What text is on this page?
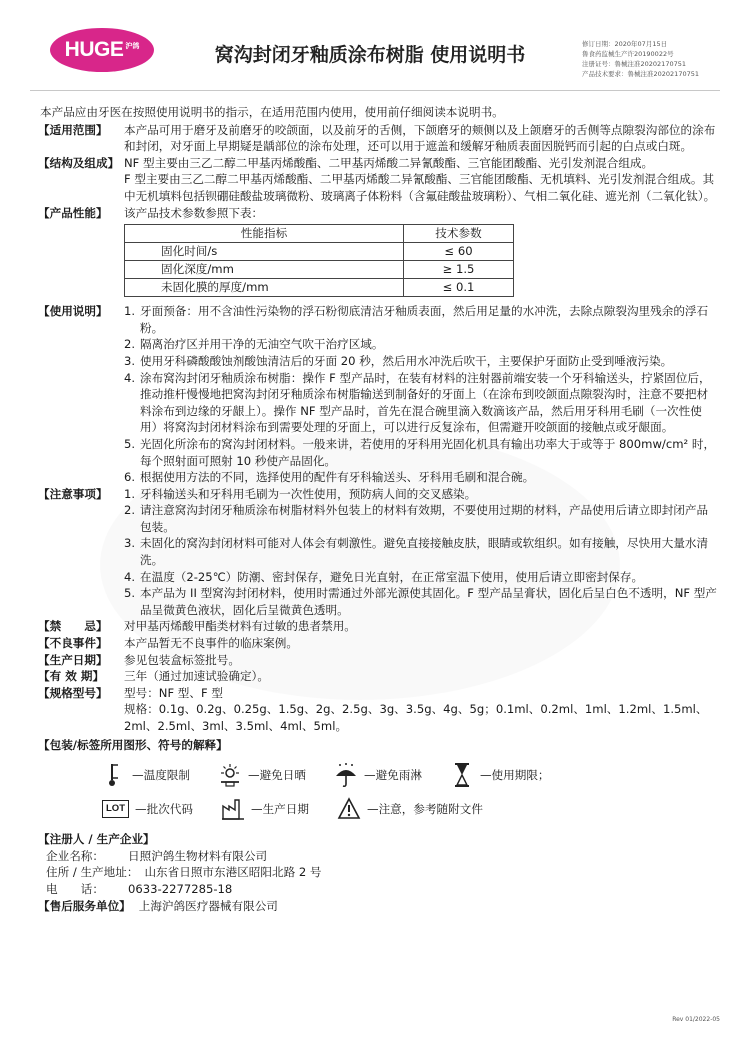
HUGE 沪鸽	窝沟封闭牙釉质涂布树脂 使用说明书	修订日期：2020年07月15日
鲁食药监械生产许20190022号
注册证号：鲁械注准20202170751
产品技术要求：鲁械注准20202170751

本产品应由牙医在按照使用说明书的指示，在适用范围内使用，使用前仔细阅读本说明书。

【适用范围】	本产品可用于磨牙及前磨牙的咬颌面，以及前牙的舌侧，下颌磨牙的颊侧以及上颌磨牙的舌侧等点隙裂沟部位的涂布和封闭，对牙面上早期疑是龋部位的涂布处理，还可以用于遮盖和缓解牙釉质表面因脱钙而引起的白点或白斑。

【结构及组成】 NF 型主要由三乙二醇二甲基丙烯酸酯、二甲基丙烯酸二异氰酸酯、三官能团酸酯、光引发剂混合组成。

F 型主要由三乙二醇二甲基丙烯酸酯、二甲基丙烯酸二异氰酸酯、三官能团酸酯、无机填料、光引发剂混合组成。其中无机填料包括钡硼硅酸盐玻璃微粉、玻璃离子体粉料（含氟硅酸盐玻璃粉）、气相二氧化硅、遮光剂（二氧化钛）。

【产品性能】	该产品技术参数参照下表：

性能指标	技术参数
固化时间/s	≤ 60
固化深度/mm	≥ 1.5
未固化膜的厚度/mm	≤ 0.1
【使用说明】	1. 牙面预备：用不含油性污染物的浮石粉彻底清洁牙釉质表面，然后用足量的水冲洗，去除点隙裂沟里残余的浮石粉。
2. 隔离治疗区并用干净的无油空气吹干治疗区域。
3. 使用牙科磷酸酸蚀剂酸蚀清洁后的牙面 20 秒，然后用水冲洗后吹干，主要保护牙面防止受到唾液污染。
4. 涂布窝沟封闭牙釉质涂布树脂：操作 F 型产品时，在装有材料的注射器前端安装一个牙科输送头，拧紧固位后，推动推杆慢慢地把窝沟封闭牙釉质涂布树脂输送到制备好的牙面上（在涂布到咬颌面点隙裂沟时，注意不要把材料涂布到边缘的牙龈上）。操作 NF 型产品时，首先在混合碗里滴入数滴该产品，然后用牙科用毛刷（一次性使用）将窝沟封闭材料涂布到需要处理的牙面上，可以进行反复涂布，但需避开咬颌面的接触点或牙龈面。
5. 光固化所涂布的窝沟封闭材料。一般来讲，若使用的牙科用光固化机具有输出功率大于或等于 800mw/cm² 时，每个照射面可照射 10 秒使产品固化。
6. 根据使用方法的不同，选择使用的配件有牙科输送头、牙科用毛刷和混合碗。
【注意事项】	1. 牙科输送头和牙科用毛刷为一次性使用，预防病人间的交叉感染。
2. 请注意窝沟封闭牙釉质涂布树脂材料外包装上的材料有效期，不要使用过期的材料，产品使用后请立即封闭产品包装。
3. 未固化的窝沟封闭材料可能对人体会有刺激性。避免直接接触皮肤，眼睛或软组织。如有接触，尽快用大量水清洗。
4. 在温度（2-25℃）防潮、密封保存，避免日光直射，在正常室温下使用，使用后请立即密封保存。
5. 本产品为 II 型窝沟封闭材料，使用时需通过外部光源使其固化。F 型产品呈膏状，固化后呈白色不透明，NF 型产品呈微黄色液状，固化后呈微黄色透明。
【禁　　忌】	对甲基丙烯酸甲酯类材料有过敏的患者禁用。

【不良事件】	本产品暂无不良事件的临床案例。

【生产日期】	参见包装盒标签批号。

【有 效 期】	三年（通过加速试验确定）。

【规格型号】	型号：NF 型、F 型

规格：0.1g、0.2g、0.25g、1.5g、2g、2.5g、3g、3.5g、4g、5g；0.1ml、0.2ml、1ml、1.2ml、1.5ml、2ml、2.5ml、3ml、3.5ml、4ml、5ml。

【包装/标签所用图形、符号的解释】
—温度限制	—避免日晒	—避免雨淋	—使用期限；
LOT —批次代码	—生产日期	—注意，参考随附文件

【注册人 / 生产企业】

企业名称：	日照沪鸽生物材料有限公司
住所 / 生产地址： 山东省日照市东港区昭阳北路 2 号
电　　话：	0633-2277285-18
【售后服务单位】 上海沪鸽医疗器械有限公司
Rev 01/2022-05
